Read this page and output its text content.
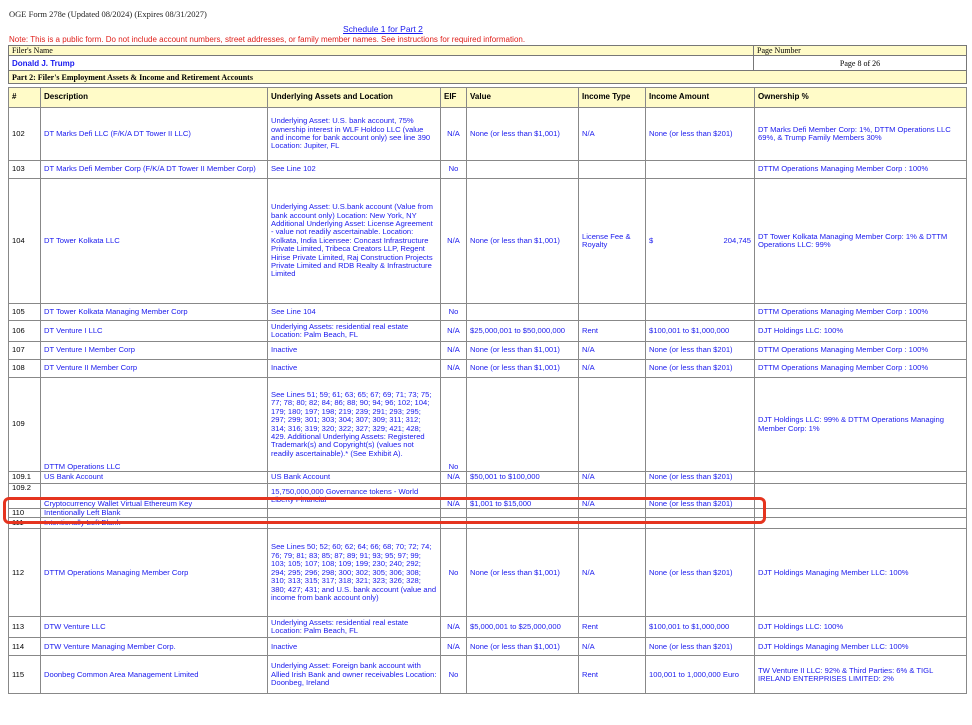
OGE Form 278e (Updated 08/2024) (Expires 08/31/2027)
Schedule 1 for Part 2
Note: This is a public form. Do not include account numbers, street addresses, or family member names. See instructions for required information.
Filer's Name	Page Number
Donald J. Trump	Page 8 of 26
Part 2: Filer's Employment Assets & Income and Retirement Accounts	
#	Description	Underlying Assets and Location	EIF	Value	Income Type	Income Amount	Ownership %
102	DT Marks Defi LLC (F/K/A DT Tower II LLC)	Underlying Asset: U.S. bank account, 75% ownership interest in WLF Holdco LLC (value and income for bank account only) see line 390 Location: Jupiter, FL	N/A	None (or less than $1,001)	N/A	None (or less than $201)	DT Marks Defi Member Corp: 1%, DTTM Operations LLC 69%, & Trump Family Members 30%
103	DT Marks Defi Member Corp (F/K/A DT Tower II Member Corp)	See Line 102	No				DTTM Operations Managing Member Corp : 100%
104	DT Tower Kolkata LLC	Underlying Asset: U.S.bank account (Value from bank account only) Location: New York, NY Additional Underlying Asset: License Agreement - value not readily ascertainable. Location: Kolkata, India Licensee: Concast Infrastructure Private Limited, Tribeca Creators LLP, Regent Hirise Private Limited, Raj Construction Projects Private Limited and RDB Realty & Infrastructure Limited	N/A	None (or less than $1,001)	License Fee & Royalty	$ 204,745	DT Tower Kolkata Managing Member Corp: 1% & DTTM Operations LLC: 99%
105	DT Tower Kolkata Managing Member Corp	See Line 104	No				DTTM Operations Managing Member Corp : 100%
106	DT Venture I LLC	Underlying Assets: residential real estate Location: Palm Beach, FL	N/A	$25,000,001 to $50,000,000	Rent	$100,001 to $1,000,000	DJT Holdings LLC: 100%
107	DT Venture I Member Corp	Inactive	N/A	None (or less than $1,001)	N/A	None (or less than $201)	DTTM Operations Managing Member Corp : 100%
108	DT Venture II Member Corp	Inactive	N/A	None (or less than $1,001)	N/A	None (or less than $201)	DTTM Operations Managing Member Corp : 100%
109	DTTM Operations LLC	See Lines 51; 59; 61; 63; 65; 67; 69; 71; 73; 75; 77; 78; 80; 82; 84; 86; 88; 90; 94; 96; 102; 104; 179; 180; 197; 198; 219; 239; 291; 293; 295; 297; 299; 301; 303; 304; 307; 309; 311; 312; 314; 316; 319; 320; 322; 327; 329; 421; 428; 429. Additional Underlying Assets: Registered Trademark(s) and Copyright(s) (values not readily ascertainable).* (See Exhibit A).	No				DJT Holdings LLC: 99% & DTTM Operations Managing Member Corp: 1%
109.1	US Bank Account	US Bank Account	N/A	$50,001 to $100,000	N/A	None (or less than $201)	
109.2	Cryptocurrency Wallet Virtual Ethereum Key	15,750,000,000 Governance tokens - World Liberty Financial	N/A	$1,001 to $15,000	N/A	None (or less than $201)	
110	Intentionally Left Blank						
111	Intentionally Left Blank						
112	DTTM Operations Managing Member Corp	See Lines 50; 52; 60; 62; 64; 66; 68; 70; 72; 74; 76; 79; 81; 83; 85; 87; 89; 91; 93; 95; 97; 99; 103; 105; 107; 108; 109; 199; 230; 240; 292; 294; 295; 296; 298; 300; 302; 305; 306; 308; 310; 313; 315; 317; 318; 321; 323; 326; 328; 380; 427; 431; and U.S. bank account (value and income from bank account only)	No	None (or less than $1,001)	N/A	None (or less than $201)	DJT Holdings Managing Member LLC: 100%
113	DTW Venture LLC	Underlying Assets: residential real estate Location: Palm Beach, FL	N/A	$5,000,001 to $25,000,000	Rent	$100,001 to $1,000,000	DJT Holdings LLC: 100%
114	DTW Venture Managing Member Corp.	Inactive	N/A	None (or less than $1,001)	N/A	None (or less than $201)	DJT Holdings Managing Member LLC: 100%
115	Doonbeg Common Area Management Limited	Underlying Asset: Foreign bank account with Allied Irish Bank and owner receivables Location: Doonbeg, Ireland	No		Rent	100,001 to 1,000,000 Euro	TW Venture II LLC: 92% & Third Parties: 6% & TIGL IRELAND ENTERPRISES LIMITED: 2%
